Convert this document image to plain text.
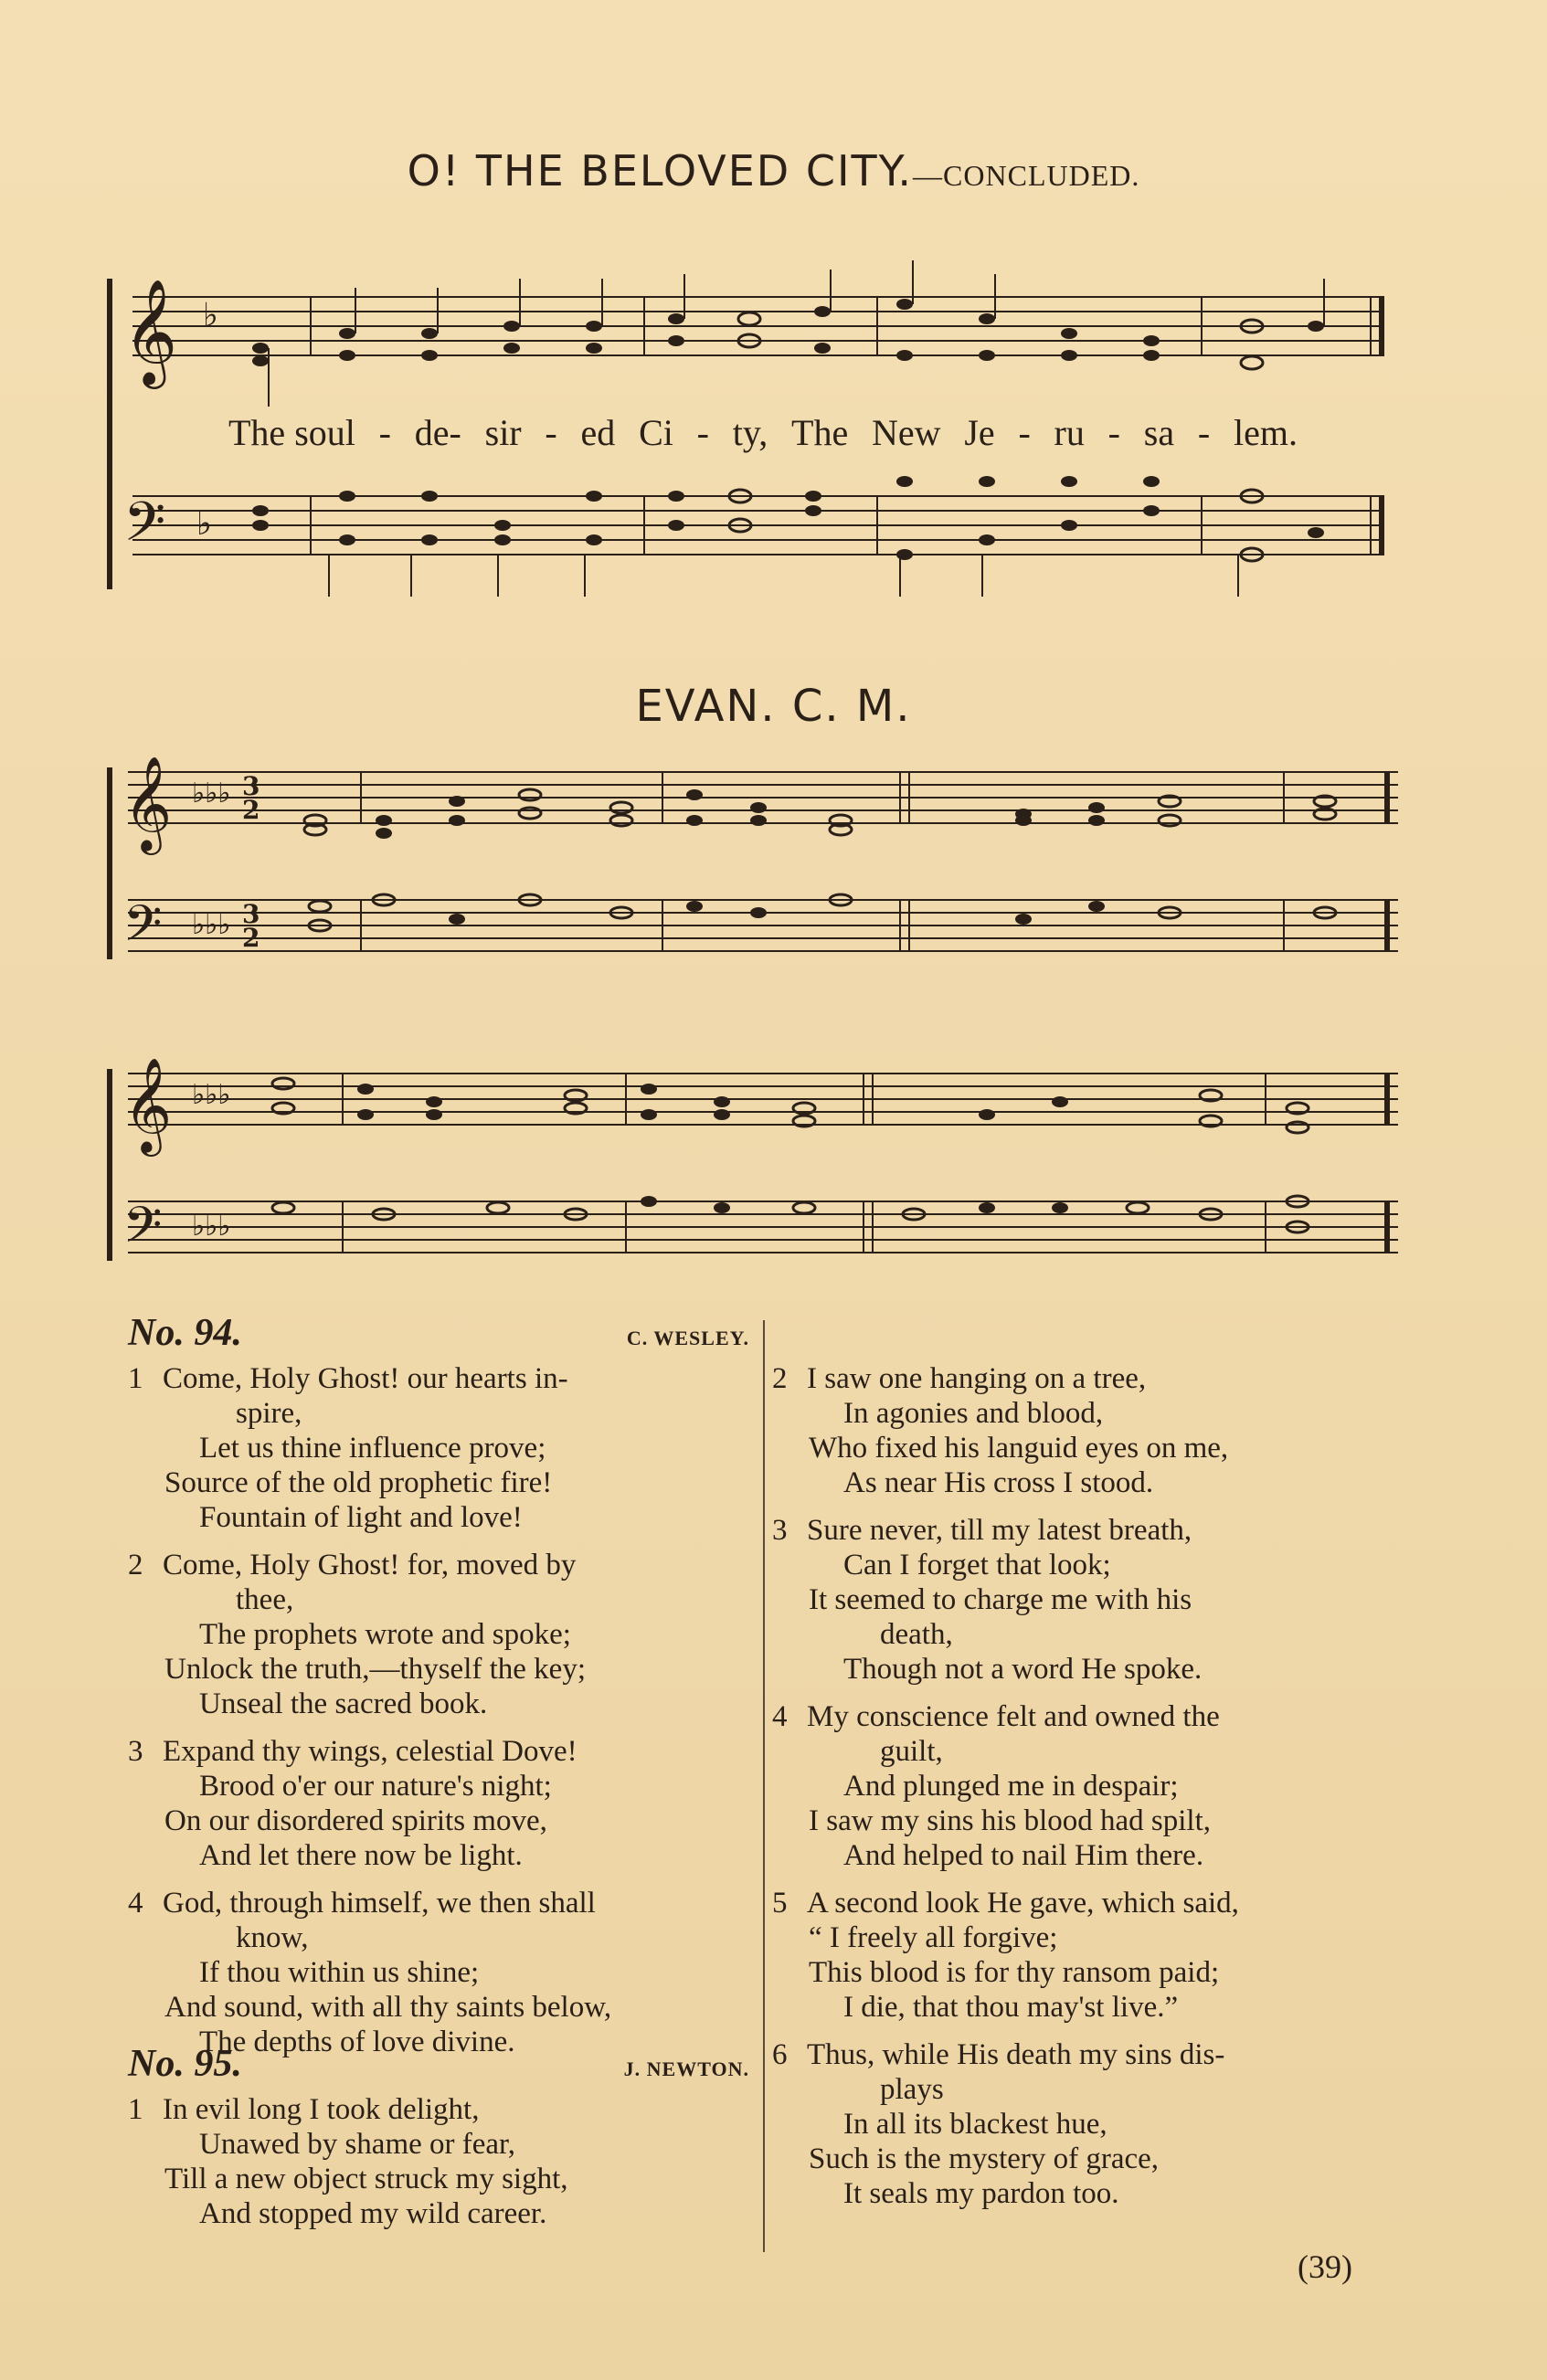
O! THE BELOVED CITY.—CONCLUDED.
𝄞
𝄢
♭
♭
The soul - de- sir - ed Ci - ty, The New Je - ru - sa - lem.
EVAN. C. M.
𝄞
𝄢
𝄞
𝄢
♭♭♭
♭♭♭
♭♭♭
♭♭♭
3
2
3
2
No. 94.	C. WESLEY.
1 Come, Holy Ghost! our hearts in-
spire,
Let us thine influence prove;
Source of the old prophetic fire!
Fountain of light and love!
2 Come, Holy Ghost! for, moved by
thee,
The prophets wrote and spoke;
Unlock the truth,—thyself the key;
Unseal the sacred book.
3 Expand thy wings, celestial Dove!
Brood o'er our nature's night;
On our disordered spirits move,
And let there now be light.
4 God, through himself, we then shall
know,
If thou within us shine;
And sound, with all thy saints below,
The depths of love divine.
No. 95.	J. NEWTON.
1 In evil long I took delight,
Unawed by shame or fear,
Till a new object struck my sight,
And stopped my wild career.
2 I saw one hanging on a tree,
In agonies and blood,
Who fixed his languid eyes on me,
As near His cross I stood.
3 Sure never, till my latest breath,
Can I forget that look;
It seemed to charge me with his
death,
Though not a word He spoke.
4 My conscience felt and owned the
guilt,
And plunged me in despair;
I saw my sins his blood had spilt,
And helped to nail Him there.
5 A second look He gave, which said,
“ I freely all forgive;
This blood is for thy ransom paid;
I die, that thou may'st live.”
6 Thus, while His death my sins dis-
plays
In all its blackest hue,
Such is the mystery of grace,
It seals my pardon too.
(39)
